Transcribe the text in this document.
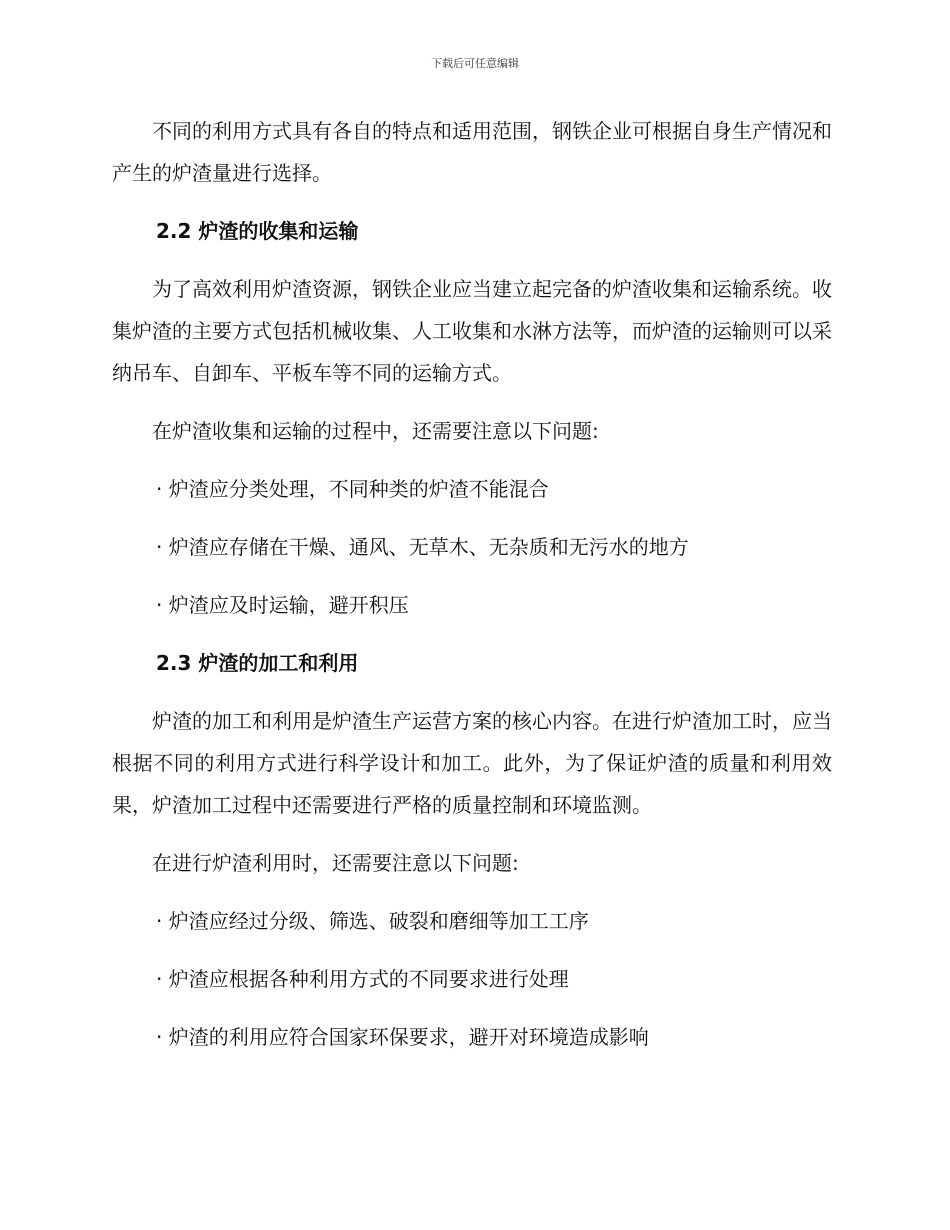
下载后可任意编辑

不同的利用方式具有各自的特点和适用范围，钢铁企业可根据自身生产情况和产生的炉渣量进行选择。

2.2 炉渣的收集和运输

为了高效利用炉渣资源，钢铁企业应当建立起完备的炉渣收集和运输系统。收集炉渣的主要方式包括机械收集、人工收集和水淋方法等，而炉渣的运输则可以采纳吊车、自卸车、平板车等不同的运输方式。

在炉渣收集和运输的过程中，还需要注意以下问题:

· 炉渣应分类处理，不同种类的炉渣不能混合
· 炉渣应存储在干燥、通风、无草木、无杂质和无污水的地方
· 炉渣应及时运输，避开积压
2.3 炉渣的加工和利用

炉渣的加工和利用是炉渣生产运营方案的核心内容。在进行炉渣加工时，应当根据不同的利用方式进行科学设计和加工。此外，为了保证炉渣的质量和利用效果，炉渣加工过程中还需要进行严格的质量控制和环境监测。

在进行炉渣利用时，还需要注意以下问题:

· 炉渣应经过分级、筛选、破裂和磨细等加工工序
· 炉渣应根据各种利用方式的不同要求进行处理
· 炉渣的利用应符合国家环保要求，避开对环境造成影响
